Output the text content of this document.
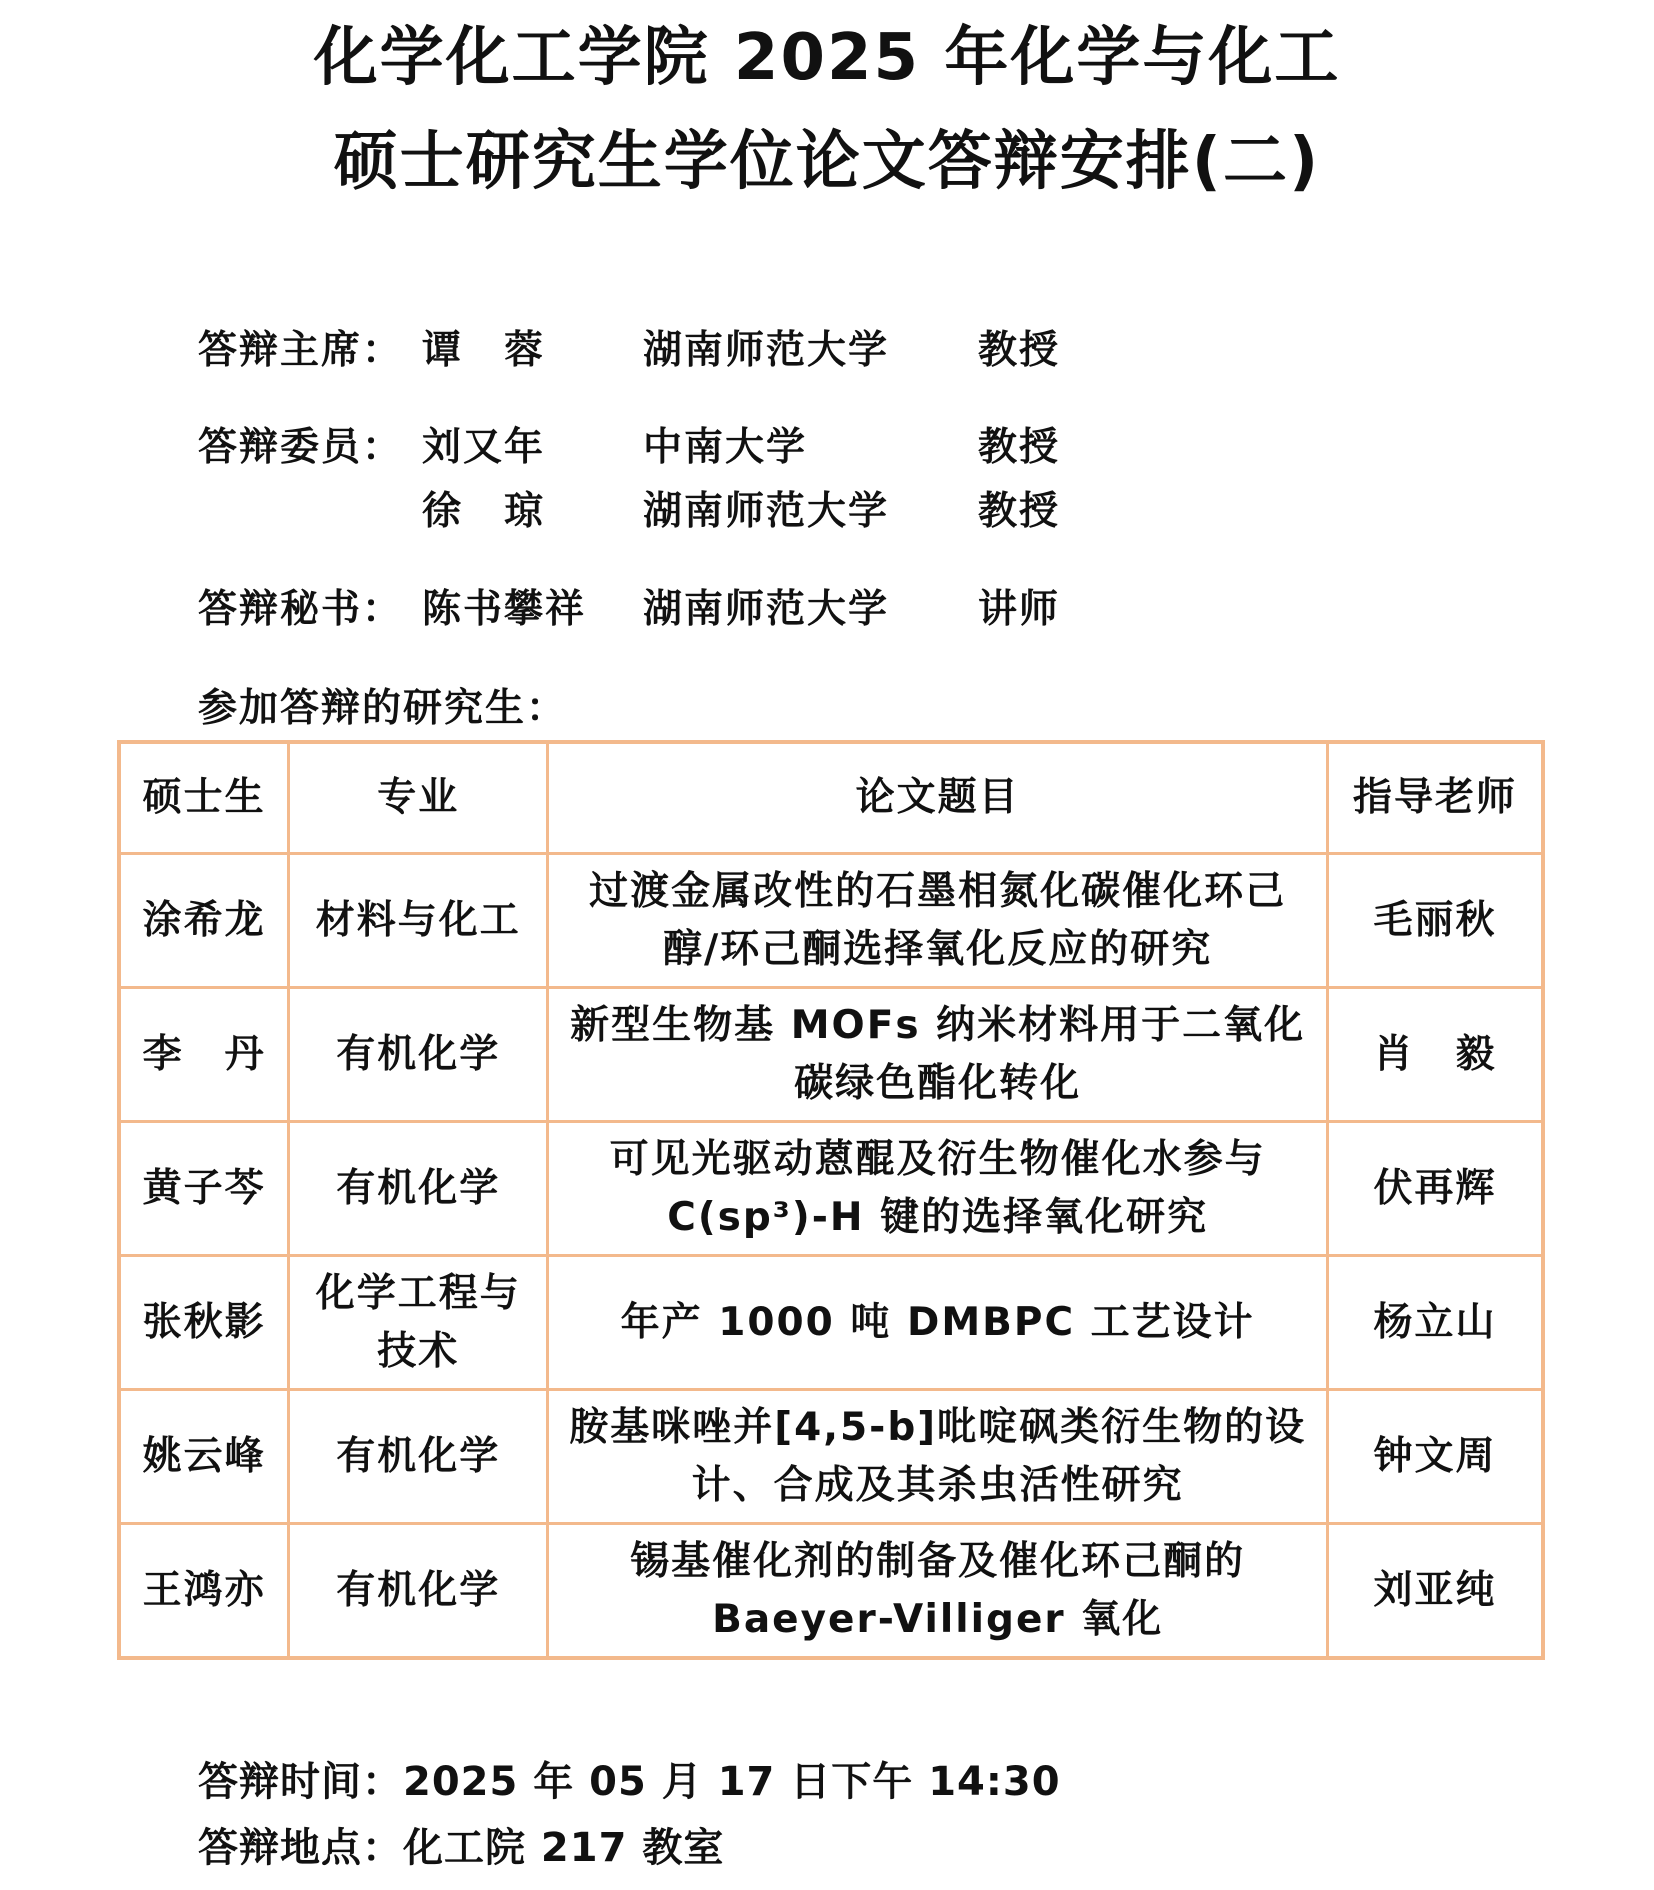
化学化工学院 2025 年化学与化工
硕士研究生学位论文答辩安排(二)
答辩主席： 谭　蓉	湖南师范大学 教授
答辩委员： 刘又年	中南大学	教授
徐　琼	湖南师范大学 教授
答辩秘书： 陈书攀祥 湖南师范大学 讲师
参加答辩的研究生：
硕士生	专业	论文题目	指导老师
涂希龙	材料与化工	过渡金属改性的石墨相氮化碳催化环己醇/环己酮选择氧化反应的研究	毛丽秋
李　丹	有机化学	新型生物基 MOFs 纳米材料用于二氧化碳绿色酯化转化	肖　毅
黄子芩	有机化学	可见光驱动蒽醌及衍生物催化水参与C(sp³)-H 键的选择氧化研究	伏再辉
张秋影	化学工程与技术	年产 1000 吨 DMBPC 工艺设计	杨立山
姚云峰	有机化学	胺基咪唑并[4,5-b]吡啶砜类衍生物的设计、合成及其杀虫活性研究	钟文周
王鸿亦	有机化学	锡基催化剂的制备及催化环己酮的Baeyer-Villiger 氧化	刘亚纯
答辩时间：2025 年 05 月 17 日下午 14:30
答辩地点：化工院 217 教室
